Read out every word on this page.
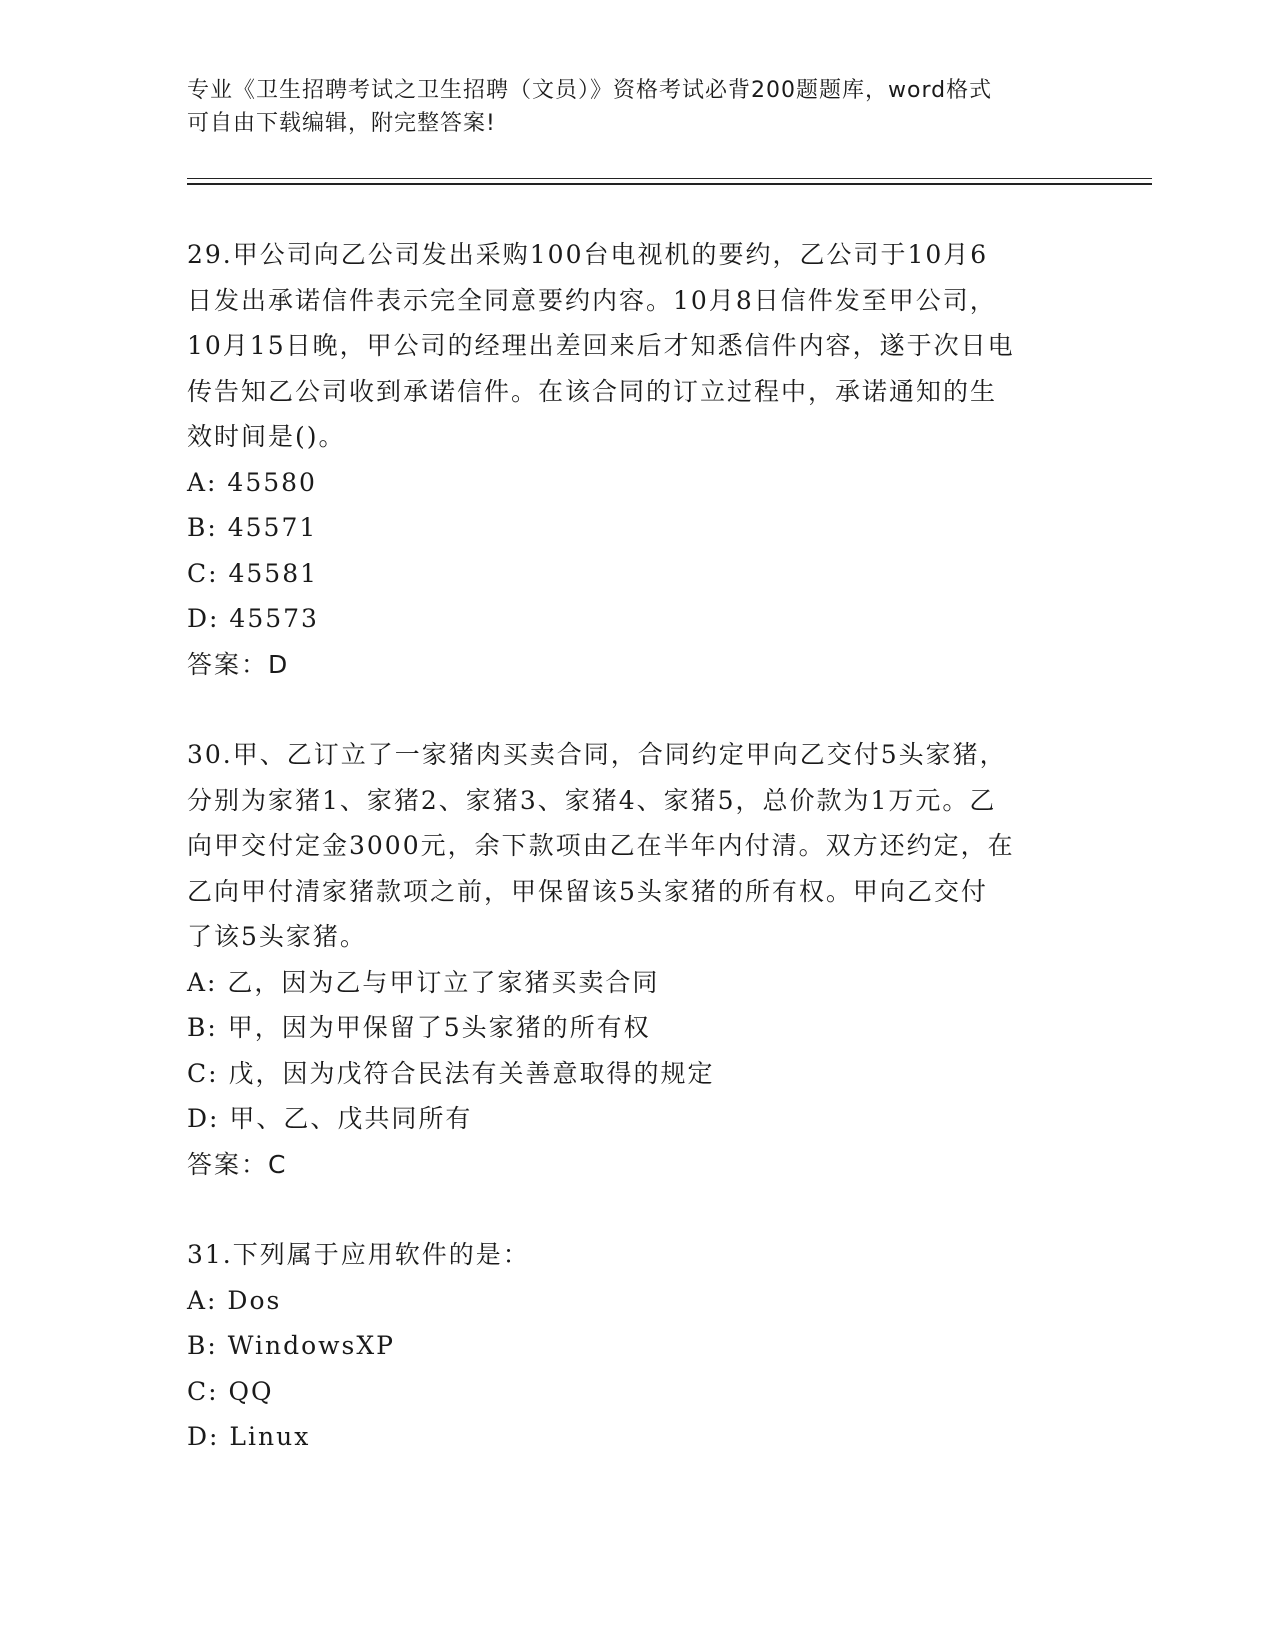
专业《卫生招聘考试之卫生招聘（文员）》资格考试必背200题题库，word格式
可自由下载编辑，附完整答案!

29.甲公司向乙公司发出采购100台电视机的要约，乙公司于10月6

日发出承诺信件表示完全同意要约内容。10月8日信件发至甲公司，

10月15日晚，甲公司的经理出差回来后才知悉信件内容，遂于次日电

传告知乙公司收到承诺信件。在该合同的订立过程中，承诺通知的生

效时间是()。

A: 45580

B: 45571

C: 45581

D: 45573

答案：D

30.甲、乙订立了一家猪肉买卖合同，合同约定甲向乙交付5头家猪，

分别为家猪1、家猪2、家猪3、家猪4、家猪5，总价款为1万元。乙

向甲交付定金3000元，余下款项由乙在半年内付清。双方还约定，在

乙向甲付清家猪款项之前，甲保留该5头家猪的所有权。甲向乙交付

了该5头家猪。

A: 乙，因为乙与甲订立了家猪买卖合同

B: 甲，因为甲保留了5头家猪的所有权

C: 戊，因为戊符合民法有关善意取得的规定

D: 甲、乙、戊共同所有

答案：C

31.下列属于应用软件的是：

A: Dos

B: WindowsXP

C: QQ

D: Linux
